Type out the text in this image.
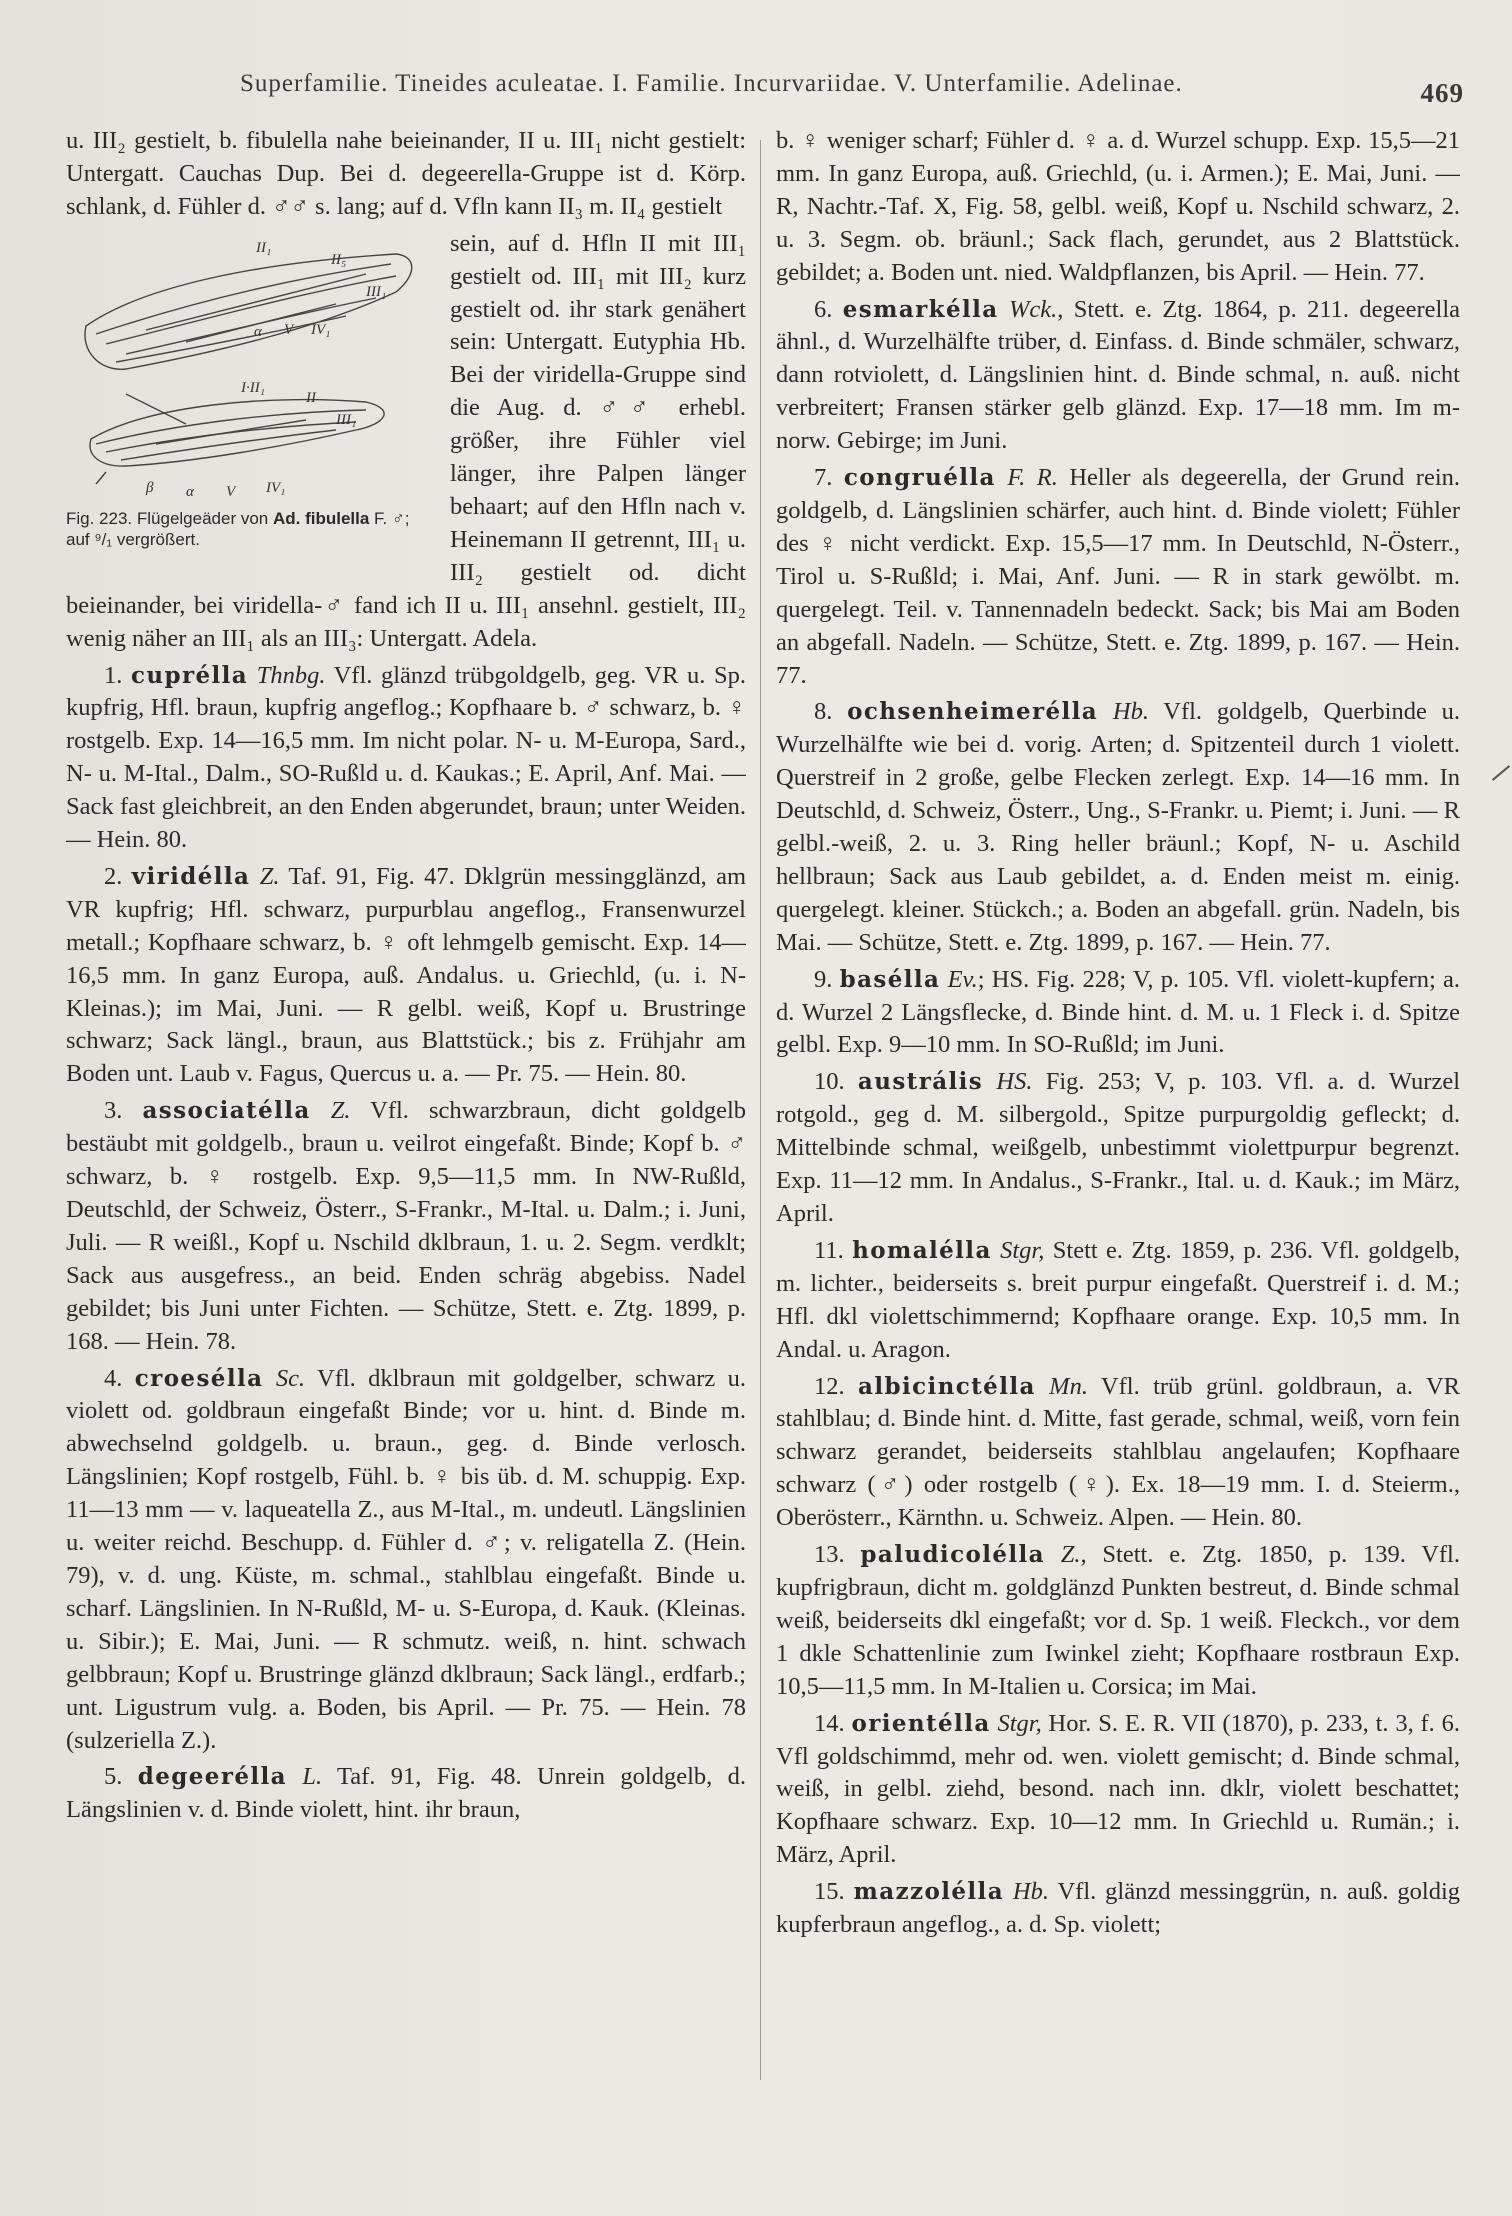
Superfamilie. Tineides aculeatae. I. Familie. Incurvariidae. V. Unterfamilie. Adelinae.	469

u. III₂ gestielt, b. fibulella nahe beieinander, II u. III₁ nicht gestielt: Untergatt. Cauchas Dup. Bei d. degeerella-Gruppe ist d. Körp. schlank, d. Fühler d. ♂♂ s. lang; auf d. Vfln kann II₃ m. II₄ gestielt

II₁
II₅
III₁
IV₁
α V
I·II₁
II
III₁
β α V IV₁
Fig. 223. Flügelgeäder von Ad. fibulella F. ♂; auf ⁹/₁ vergrößert.

sein, auf d. Hfln II mit III₁ gestielt od. III₁ mit III₂ kurz gestielt od. ihr stark genähert sein: Untergatt. Eutyphia Hb. Bei der viridella-Gruppe sind die Aug. d. ♂♂ erhebl. größer, ihre Fühler viel länger, ihre Palpen länger behaart; auf den Hfln nach v. Heinemann II getrennt, III₁ u. III₂ gestielt od. dicht beieinander, bei viridella-♂ fand ich II u. III₁ ansehnl. gestielt, III₂ wenig näher an III₁ als an III₃: Untergatt. Adela.

1. cuprélla Thnbg. Vfl. glänzd trübgoldgelb, geg. VR u. Sp. kupfrig, Hfl. braun, kupfrig angeflog.; Kopfhaare b. ♂ schwarz, b. ♀ rostgelb. Exp. 14—16,5 mm. Im nicht polar. N- u. M-Europa, Sard., N- u. M-Ital., Dalm., SO-Rußld u. d. Kaukas.; E. April, Anf. Mai. — Sack fast gleichbreit, an den Enden abgerundet, braun; unter Weiden. — Hein. 80.

2. viridélla Z. Taf. 91, Fig. 47. Dklgrün messingglänzd, am VR kupfrig; Hfl. schwarz, purpurblau angeflog., Fransenwurzel metall.; Kopfhaare schwarz, b. ♀ oft lehmgelb gemischt. Exp. 14—16,5 mm. In ganz Europa, auß. Andalus. u. Griechld, (u. i. N-Kleinas.); im Mai, Juni. — R gelbl. weiß, Kopf u. Brustringe schwarz; Sack längl., braun, aus Blattstück.; bis z. Frühjahr am Boden unt. Laub v. Fagus, Quercus u. a. — Pr. 75. — Hein. 80.

3. associatélla Z. Vfl. schwarzbraun, dicht goldgelb bestäubt mit goldgelb., braun u. veilrot eingefaßt. Binde; Kopf b. ♂ schwarz, b. ♀ rostgelb. Exp. 9,5—11,5 mm. In NW-Rußld, Deutschld, der Schweiz, Österr., S-Frankr., M-Ital. u. Dalm.; i. Juni, Juli. — R weißl., Kopf u. Nschild dklbraun, 1. u. 2. Segm. verdklt; Sack aus ausgefress., an beid. Enden schräg abgebiss. Nadel gebildet; bis Juni unter Fichten. — Schütze, Stett. e. Ztg. 1899, p. 168. — Hein. 78.

4. croesélla Sc. Vfl. dklbraun mit goldgelber, schwarz u. violett od. goldbraun eingefaßt Binde; vor u. hint. d. Binde m. abwechselnd goldgelb. u. braun., geg. d. Binde verlosch. Längslinien; Kopf rostgelb, Fühl. b. ♀ bis üb. d. M. schuppig. Exp. 11—13 mm — v. laqueatella Z., aus M-Ital., m. undeutl. Längslinien u. weiter reichd. Beschupp. d. Fühler d. ♂; v. religatella Z. (Hein. 79), v. d. ung. Küste, m. schmal., stahlblau eingefaßt. Binde u. scharf. Längslinien. In N-Rußld, M- u. S-Europa, d. Kauk. (Kleinas. u. Sibir.); E. Mai, Juni. — R schmutz. weiß, n. hint. schwach gelbbraun; Kopf u. Brustringe glänzd dklbraun; Sack längl., erdfarb.; unt. Ligustrum vulg. a. Boden, bis April. — Pr. 75. — Hein. 78 (sulzeriella Z.).

5. degeerélla L. Taf. 91, Fig. 48. Unrein goldgelb, d. Längslinien v. d. Binde violett, hint. ihr braun,

b. ♀ weniger scharf; Fühler d. ♀ a. d. Wurzel schupp. Exp. 15,5—21 mm. In ganz Europa, auß. Griechld, (u. i. Armen.); E. Mai, Juni. — R, Nachtr.-Taf. X, Fig. 58, gelbl. weiß, Kopf u. Nschild schwarz, 2. u. 3. Segm. ob. bräunl.; Sack flach, gerundet, aus 2 Blattstück. gebildet; a. Boden unt. nied. Waldpflanzen, bis April. — Hein. 77.

6. esmarkélla Wck., Stett. e. Ztg. 1864, p. 211. degeerella ähnl., d. Wurzelhälfte trüber, d. Einfass. d. Binde schmäler, schwarz, dann rotviolett, d. Längslinien hint. d. Binde schmal, n. auß. nicht verbreitert; Fransen stärker gelb glänzd. Exp. 17—18 mm. Im m-norw. Gebirge; im Juni.

7. congruélla F. R. Heller als degeerella, der Grund rein. goldgelb, d. Längslinien schärfer, auch hint. d. Binde violett; Fühler des ♀ nicht verdickt. Exp. 15,5—17 mm. In Deutschld, N-Österr., Tirol u. S-Rußld; i. Mai, Anf. Juni. — R in stark gewölbt. m. quergelegt. Teil. v. Tannennadeln bedeckt. Sack; bis Mai am Boden an abgefall. Nadeln. — Schütze, Stett. e. Ztg. 1899, p. 167. — Hein. 77.

8. ochsenheimerélla Hb. Vfl. goldgelb, Querbinde u. Wurzelhälfte wie bei d. vorig. Arten; d. Spitzenteil durch 1 violett. Querstreif in 2 große, gelbe Flecken zerlegt. Exp. 14—16 mm. In Deutschld, d. Schweiz, Österr., Ung., S-Frankr. u. Piemt; i. Juni. — R gelbl.-weiß, 2. u. 3. Ring heller bräunl.; Kopf, N- u. Aschild hellbraun; Sack aus Laub gebildet, a. d. Enden meist m. einig. quergelegt. kleiner. Stückch.; a. Boden an abgefall. grün. Nadeln, bis Mai. — Schütze, Stett. e. Ztg. 1899, p. 167. — Hein. 77.

9. basélla Ev.; HS. Fig. 228; V, p. 105. Vfl. violett-kupfern; a. d. Wurzel 2 Längsflecke, d. Binde hint. d. M. u. 1 Fleck i. d. Spitze gelbl. Exp. 9—10 mm. In SO-Rußld; im Juni.

10. austrális HS. Fig. 253; V, p. 103. Vfl. a. d. Wurzel rotgold., geg d. M. silbergold., Spitze purpurgoldig gefleckt; d. Mittelbinde schmal, weißgelb, unbestimmt violettpurpur begrenzt. Exp. 11—12 mm. In Andalus., S-Frankr., Ital. u. d. Kauk.; im März, April.

11. homalélla Stgr, Stett e. Ztg. 1859, p. 236. Vfl. goldgelb, m. lichter., beiderseits s. breit purpur eingefaßt. Querstreif i. d. M.; Hfl. dkl violettschimmernd; Kopfhaare orange. Exp. 10,5 mm. In Andal. u. Aragon.

12. albicinctélla Mn. Vfl. trüb grünl. goldbraun, a. VR stahlblau; d. Binde hint. d. Mitte, fast gerade, schmal, weiß, vorn fein schwarz gerandet, beiderseits stahlblau angelaufen; Kopfhaare schwarz (♂) oder rostgelb (♀). Ex. 18—19 mm. I. d. Steierm., Oberösterr., Kärnthn. u. Schweiz. Alpen. — Hein. 80.

13. paludicolélla Z., Stett. e. Ztg. 1850, p. 139. Vfl. kupfrigbraun, dicht m. goldglänzd Punkten bestreut, d. Binde schmal weiß, beiderseits dkl eingefaßt; vor d. Sp. 1 weiß. Fleckch., vor dem 1 dkle Schattenlinie zum Iwinkel zieht; Kopfhaare rostbraun Exp. 10,5—11,5 mm. In M-Italien u. Corsica; im Mai.

14. orientélla Stgr, Hor. S. E. R. VII (1870), p. 233, t. 3, f. 6. Vfl goldschimmd, mehr od. wen. violett gemischt; d. Binde schmal, weiß, in gelbl. ziehd, besond. nach inn. dklr, violett beschattet; Kopfhaare schwarz. Exp. 10—12 mm. In Griechld u. Rumän.; i. März, April.

15. mazzolélla Hb. Vfl. glänzd messinggrün, n. auß. goldig kupferbraun angeflog., a. d. Sp. violett;
